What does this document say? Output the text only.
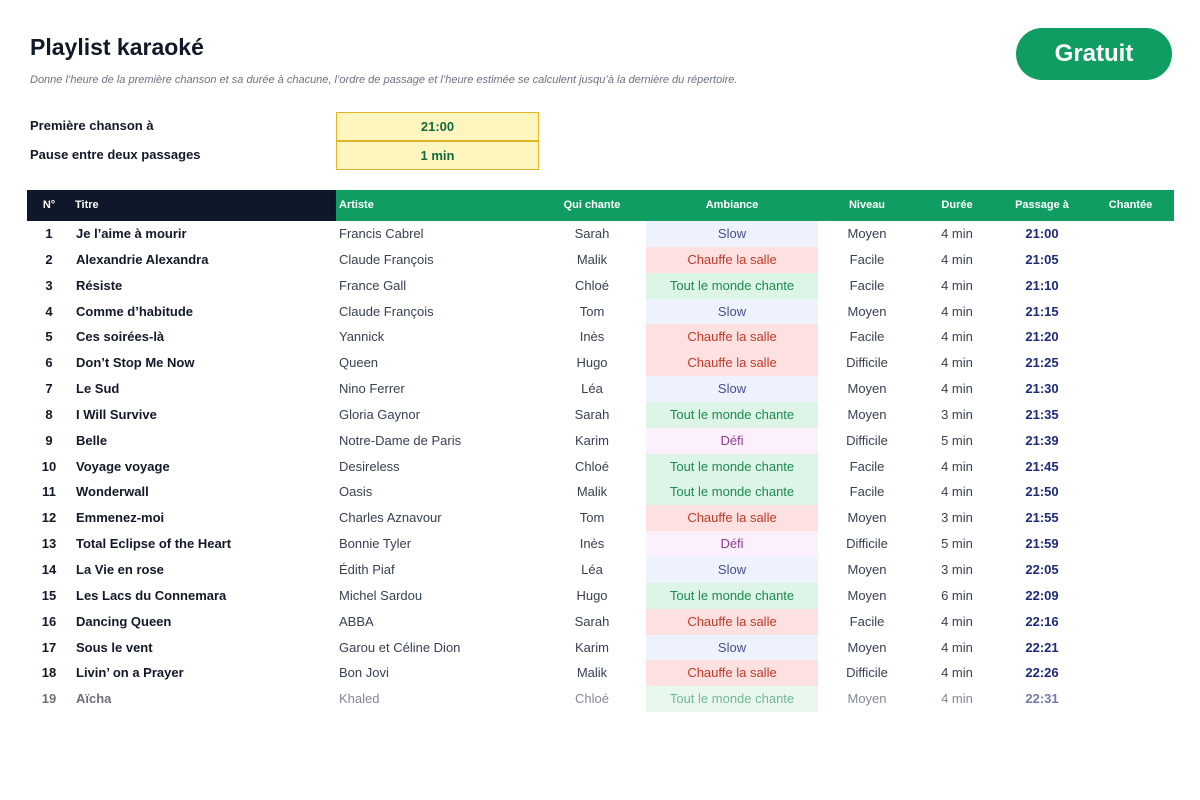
Playlist karaoké
Donne l’heure de la première chanson et sa durée à chacune, l’ordre de passage et l’heure estimée se calculent jusqu’à la dernière du répertoire.
Gratuit
Première chanson à	21:00
Pause entre deux passages	1 min
N°	Titre	Artiste	Qui chante	Ambiance	Niveau	Durée	Passage à	Chantée
1	Je l’aime à mourir	Francis Cabrel	Sarah	Slow	Moyen	4 min	21:00
2	Alexandrie Alexandra	Claude François	Malik	Chauffe la salle	Facile	4 min	21:05
3	Résiste	France Gall	Chloé	Tout le monde chante	Facile	4 min	21:10
4	Comme d’habitude	Claude François	Tom	Slow	Moyen	4 min	21:15
5	Ces soirées-là	Yannick	Inès	Chauffe la salle	Facile	4 min	21:20
6	Don’t Stop Me Now	Queen	Hugo	Chauffe la salle	Difficile	4 min	21:25
7	Le Sud	Nino Ferrer	Léa	Slow	Moyen	4 min	21:30
8	I Will Survive	Gloria Gaynor	Sarah	Tout le monde chante	Moyen	3 min	21:35
9	Belle	Notre-Dame de Paris	Karim	Défi	Difficile	5 min	21:39
10	Voyage voyage	Desireless	Chloé	Tout le monde chante	Facile	4 min	21:45
11	Wonderwall	Oasis	Malik	Tout le monde chante	Facile	4 min	21:50
12	Emmenez-moi	Charles Aznavour	Tom	Chauffe la salle	Moyen	3 min	21:55
13	Total Eclipse of the Heart	Bonnie Tyler	Inès	Défi	Difficile	5 min	21:59
14	La Vie en rose	Édith Piaf	Léa	Slow	Moyen	3 min	22:05
15	Les Lacs du Connemara	Michel Sardou	Hugo	Tout le monde chante	Moyen	6 min	22:09
16	Dancing Queen	ABBA	Sarah	Chauffe la salle	Facile	4 min	22:16
17	Sous le vent	Garou et Céline Dion	Karim	Slow	Moyen	4 min	22:21
18	Livin’ on a Prayer	Bon Jovi	Malik	Chauffe la salle	Difficile	4 min	22:26
19	Aïcha	Khaled	Chloé	Tout le monde chante	Moyen	4 min	22:31
